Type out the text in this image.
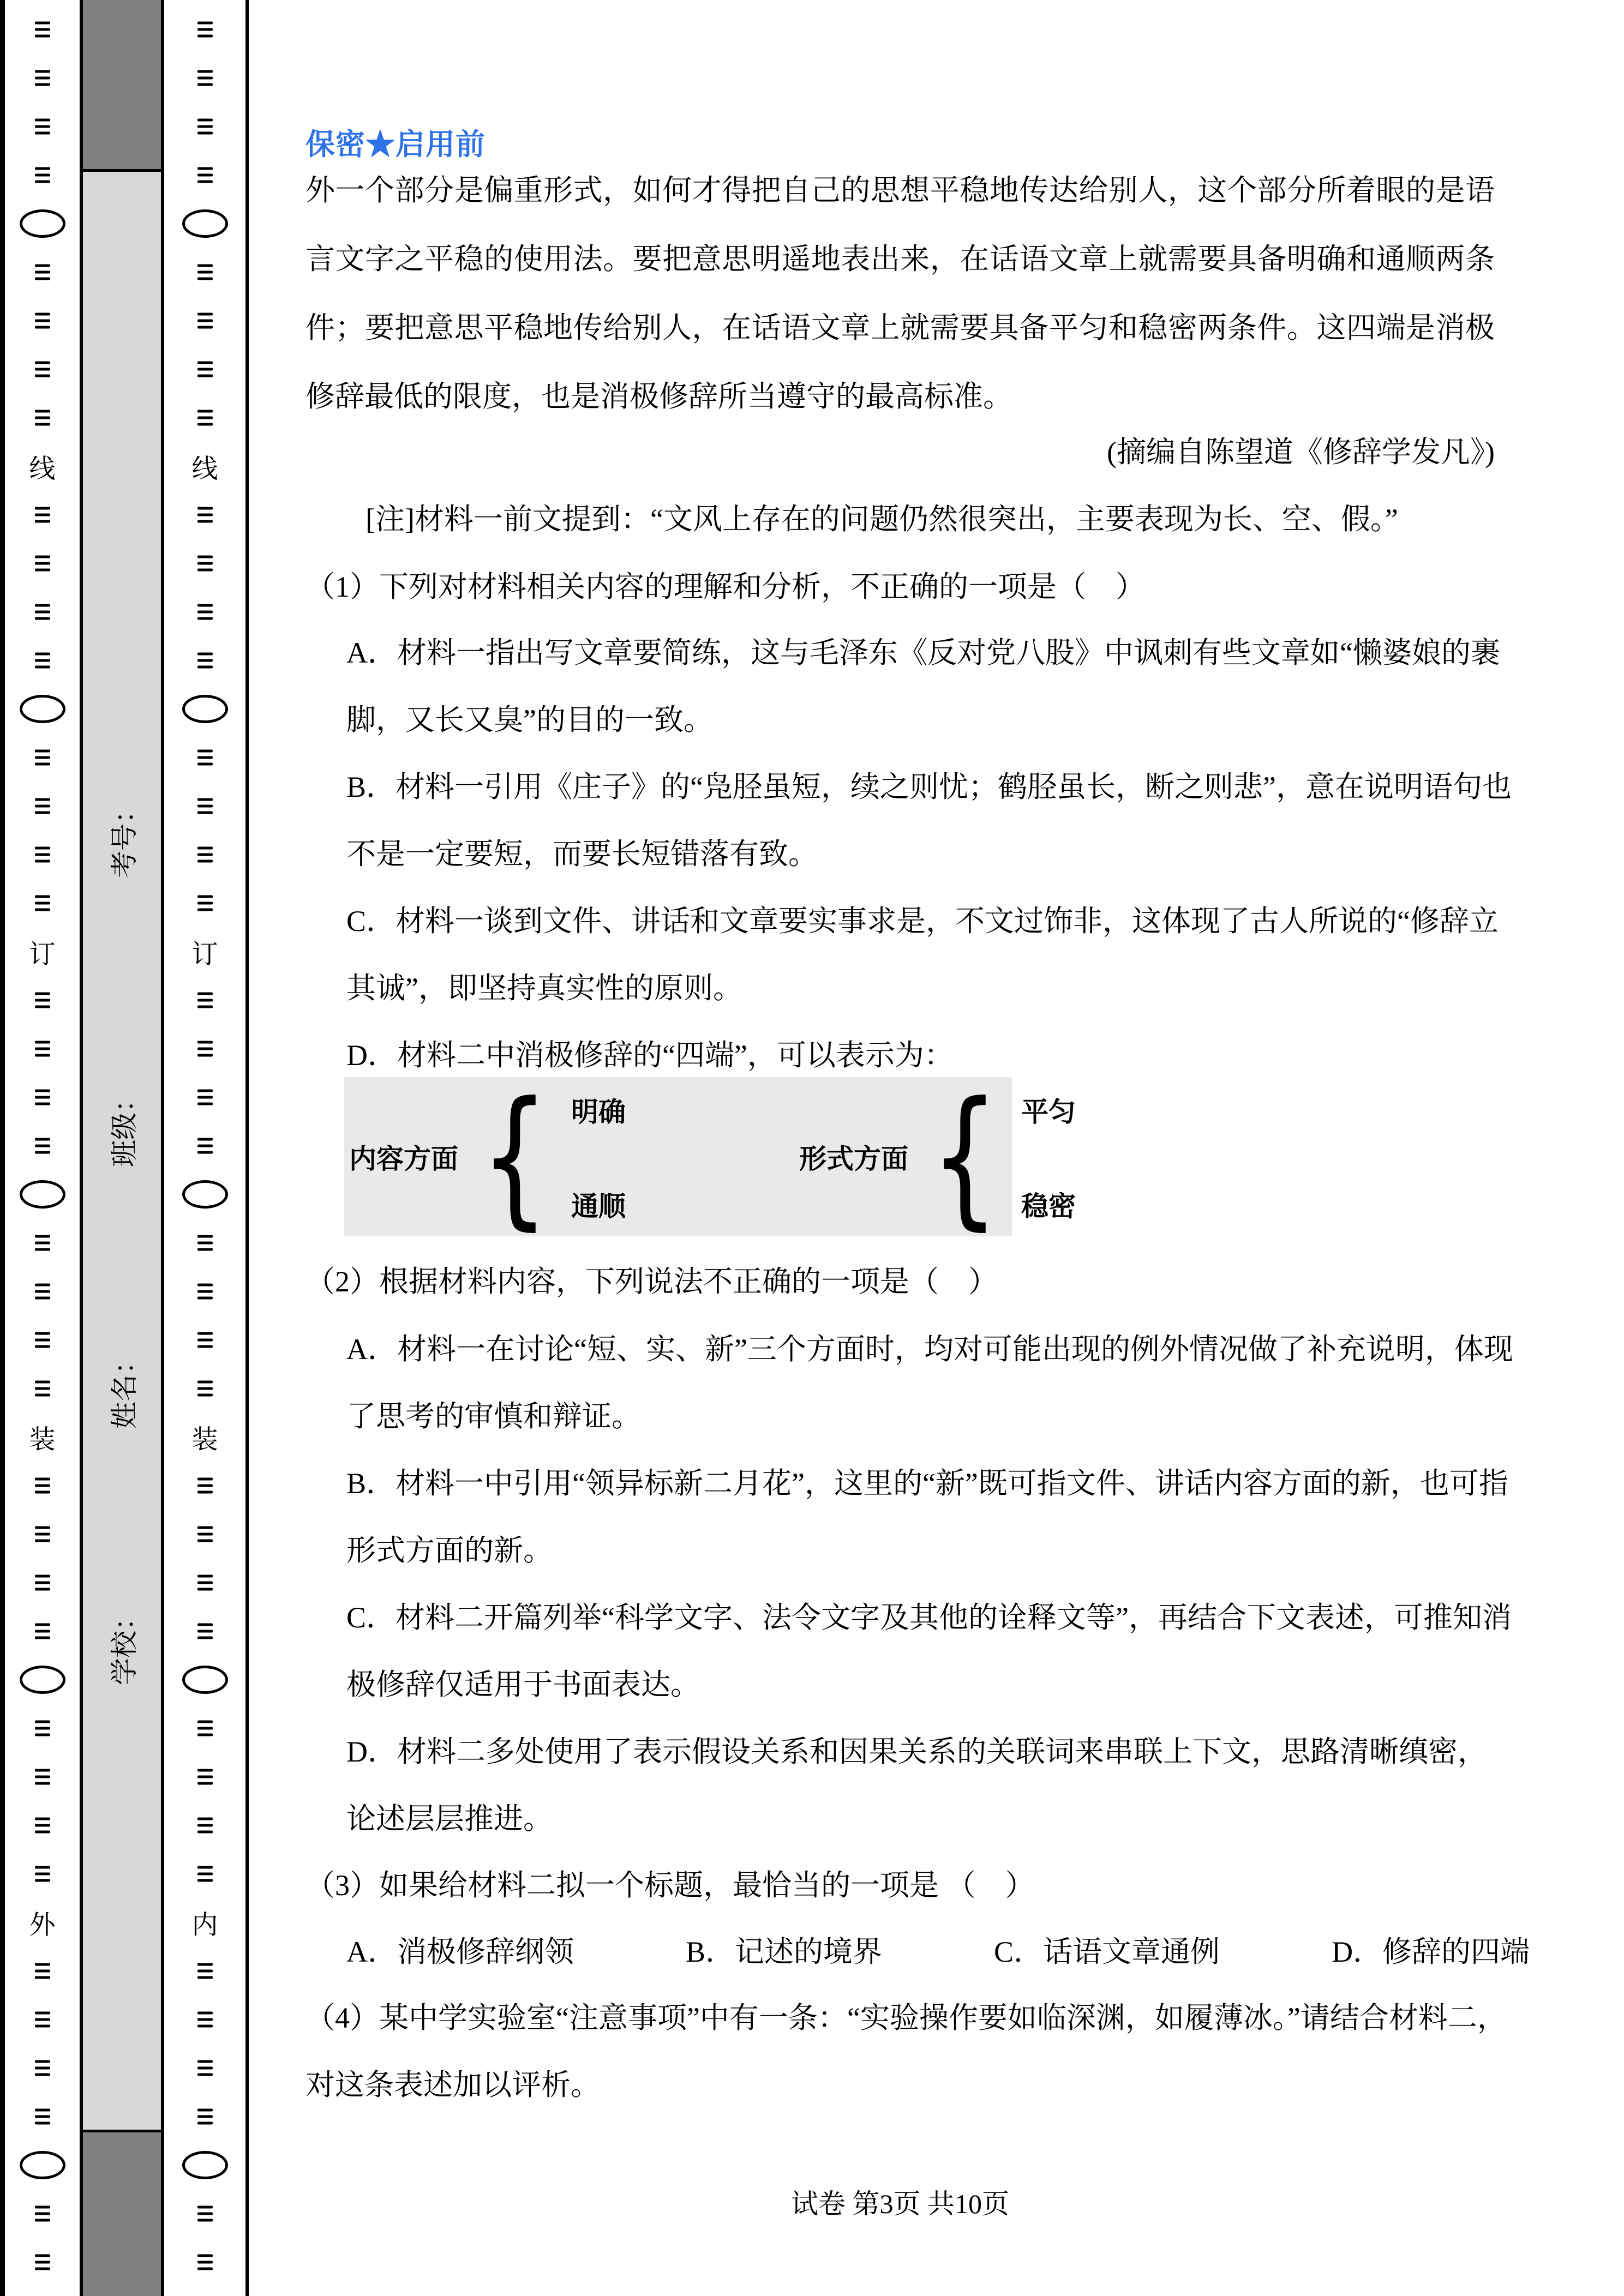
线
订
装
外
线
订
装
内
考号：
班级：
姓名：
学校：
保密★启用前
外一个部分是偏重形式，如何才得把自己的思想平稳地传达给别人，这个部分所着眼的是语
言文字之平稳的使用法。要把意思明遥地表出来，在话语文章上就需要具备明确和通顺两条
件；要把意思平稳地传给别人，在话语文章上就需要具备平匀和稳密两条件。这四端是消极
修辞最低的限度，也是消极修辞所当遵守的最高标准。
(摘编自陈望道《修辞学发凡》)
[注]材料一前文提到：“文风上存在的问题仍然很突出，主要表现为长、空、假。”
（1）下列对材料相关内容的理解和分析，不正确的一项是（　）
A．材料一指出写文章要简练，这与毛泽东《反对党八股》中讽刺有些文章如“懒婆娘的裹
脚，又长又臭”的目的一致。
B．材料一引用《庄子》的“凫胫虽短，续之则忧；鹤胫虽长，断之则悲”，意在说明语句也
不是一定要短，而要长短错落有致。
C．材料一谈到文件、讲话和文章要实事求是，不文过饰非，这体现了古人所说的“修辞立
其诚”，即坚持真实性的原则。
D．材料二中消极修辞的“四端”，可以表示为：
内容方面 { 明确
通顺
形式方面 { 平匀
稳密
（2）根据材料内容，下列说法不正确的一项是（　）
A．材料一在讨论“短、实、新”三个方面时，均对可能出现的例外情况做了补充说明，体现
了思考的审慎和辩证。
B．材料一中引用“领异标新二月花”，这里的“新”既可指文件、讲话内容方面的新，也可指
形式方面的新。
C．材料二开篇列举“科学文字、法令文字及其他的诠释文等”，再结合下文表述，可推知消
极修辞仅适用于书面表达。
D．材料二多处使用了表示假设关系和因果关系的关联词来串联上下文，思路清晰缜密，
论述层层推进。
（3）如果给材料二拟一个标题，最恰当的一项是 （　）
A．消极修辞纲领	B．记述的境界	C．话语文章通例	D．修辞的四端
（4）某中学实验室“注意事项”中有一条：“实验操作要如临深渊，如履薄冰。”请结合材料二，
对这条表述加以评析。
试卷 第3页 共10页
